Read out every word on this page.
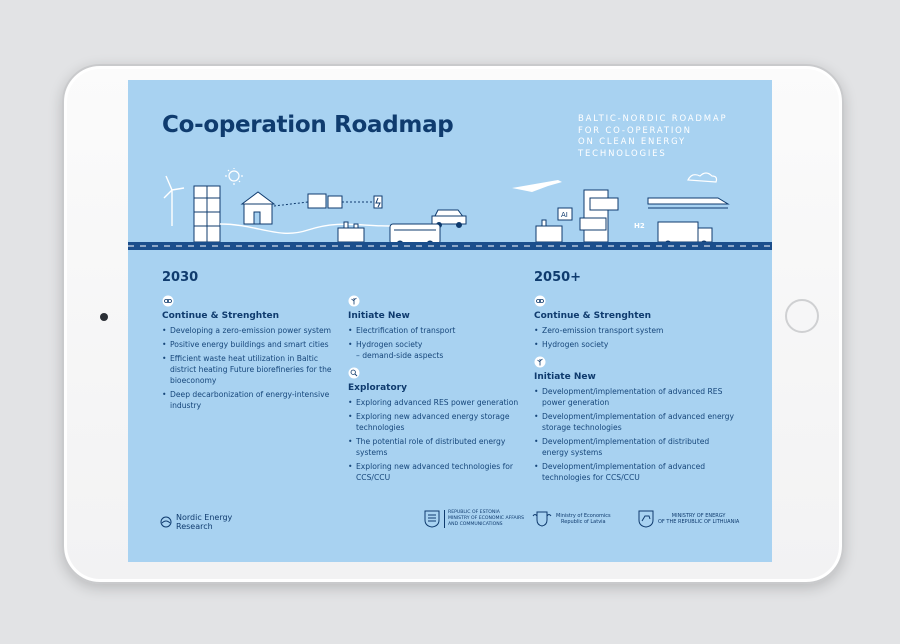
Co-operation Roadmap	BALTIC-NORDIC ROADMAP
FOR CO-OPERATION
ON CLEAN ENERGY
TECHNOLOGIES
AI
H2
2030
Continue & Strenghten
• Developing a zero-emission power system
• Positive energy buildings and smart cities
• Efficient waste heat utilization in Baltic district heating Future biorefineries for the bioeconomy
• Deep decarbonization of energy-intensive industry
Initiate New
• Electrification of transport
• Hydrogen society
– demand-side aspects
Exploratory
• Exploring advanced RES power generation
• Exploring new advanced energy storage technologies
• The potential role of distributed energy systems
• Exploring new advanced technologies for CCS/CCU
2050+
Continue & Strenghten
• Zero-emission transport system
• Hydrogen society
Initiate New
• Development/implementation of advanced RES power generation
• Development/implementation of advanced energy storage technologies
• Development/implementation of distributed energy systems
• Development/implementation of advanced technologies for CCS/CCU
Nordic Energy
Research
REPUBLIC OF ESTONIA
MINISTRY OF ECONOMIC AFFAIRS
AND COMMUNICATIONS
Ministry of Economics
Republic of Latvia
MINISTRY OF ENERGY
OF THE REPUBLIC OF LITHUANIA
